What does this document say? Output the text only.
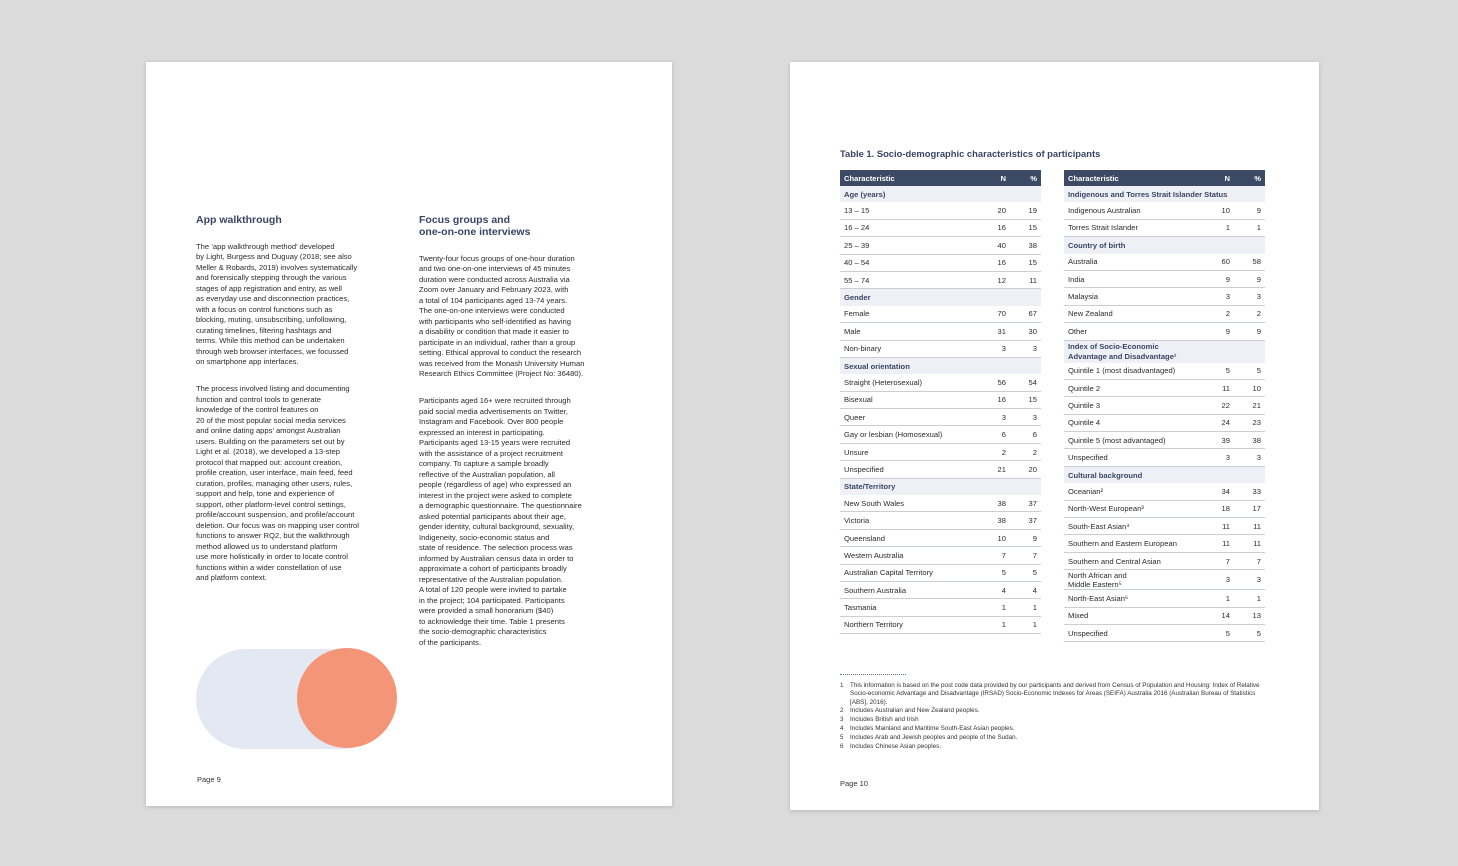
App walkthrough

The ‘app walkthrough method’ developed
by Light, Burgess and Duguay (2018; see also
Meller & Robards, 2019) involves systematically
and forensically stepping through the various
stages of app registration and entry, as well
as everyday use and disconnection practices,
with a focus on control functions such as
blocking, muting, unsubscribing, unfollowing,
curating timelines, filtering hashtags and
terms. While this method can be undertaken
through web browser interfaces, we focussed
on smartphone app interfaces.

The process involved listing and documenting
function and control tools to generate
knowledge of the control features on
20 of the most popular social media services
and online dating apps’ amongst Australian
users. Building on the parameters set out by
Light et al. (2018), we developed a 13-step
protocol that mapped out: account creation,
profile creation, user interface, main feed, feed
curation, profiles, managing other users, rules,
support and help, tone and experience of
support, other platform-level control settings,
profile/account suspension, and profile/account
deletion. Our focus was on mapping user control
functions to answer RQ2, but the walkthrough
method allowed us to understand platform
use more holistically in order to locate control
functions within a wider constellation of use
and platform context.

Focus groups and
one-on-one interviews

Twenty-four focus groups of one-hour duration
and two one-on-one interviews of 45 minutes
duration were conducted across Australia via
Zoom over January and February 2023, with
a total of 104 participants aged 13-74 years.
The one-on-one interviews were conducted
with participants who self-identified as having
a disability or condition that made it easier to
participate in an individual, rather than a group
setting. Ethical approval to conduct the research
was received from the Monash University Human
Research Ethics Committee (Project No: 36480).

Participants aged 16+ were recruited through
paid social media advertisements on Twitter,
Instagram and Facebook. Over 800 people
expressed an interest in participating.
Participants aged 13-15 years were recruited
with the assistance of a project recruitment
company. To capture a sample broadly
reflective of the Australian population, all
people (regardless of age) who expressed an
interest in the project were asked to complete
a demographic questionnaire. The questionnaire
asked potential participants about their age,
gender identity, cultural background, sexuality,
Indigeneity, socio-economic status and
state of residence. The selection process was
informed by Australian census data in order to
approximate a cohort of participants broadly
representative of the Australian population.
A total of 120 people were invited to partake
in the project; 104 participated. Participants
were provided a small honorarium ($40)
to acknowledge their time. Table 1 presents
the socio-demographic characteristics
of the participants.

Page 9
Table 1. Socio-demographic characteristics of participants
Characteristic	N	%
Age (years)		
13 – 15	20	19
16 – 24	16	15
25 – 39	40	38
40 – 54	16	15
55 – 74	12	11
Gender		
Female	70	67
Male	31	30
Non-binary	3	3
Sexual orientation		
Straight (Heterosexual)	56	54
Bisexual	16	15
Queer	3	3
Gay or lesbian (Homosexual)	6	6
Unsure	2	2
Unspecified	21	20
State/Territory		
New South Wales	38	37
Victoria	38	37
Queensland	10	9
Western Australia	7	7
Australian Capital Territory	5	5
Southern Australia	4	4
Tasmania	1	1
Northern Territory	1	1
Characteristic	N	%
Indigenous and Torres Strait Islander Status		
Indigenous Australian	10	9
Torres Strait Islander	1	1
Country of birth		
Australia	60	58
India	9	9
Malaysia	3	3
New Zealand	2	2
Other	9	9
Index of Socio-Economic
Advantage and Disadvantage¹		
Quintile 1 (most disadvantaged)	5	5
Quintile 2	11	10
Quintile 3	22	21
Quintile 4	24	23
Quintile 5 (most advantaged)	39	38
Unspecified	3	3
Cultural background		
Oceanian²	34	33
North-West European³	18	17
South-East Asian⁴	11	11
Southern and Eastern European	11	11
Southern and Central Asian	7	7
North African and
Middle Eastern⁵	3	3
North-East Asian⁶	1	1
Mixed	14	13
Unspecified	5	5
1	This information is based on the post code data provided by our participants and derived from Census of Population and Housing: Index of Relative Socio-economic Advantage and Disadvantage (IRSAD) Socio-Economic Indexes for Areas (SEIFA) Australia 2016 (Australian Bureau of Statistics [ABS], 2016).
2	Includes Australian and New Zealand peoples.
3	Includes British and Irish
4	Includes Mainland and Maritime South-East Asian peoples.
5	Includes Arab and Jewish peoples and people of the Sudan.
6	Includes Chinese Asian peoples.
Page 10
